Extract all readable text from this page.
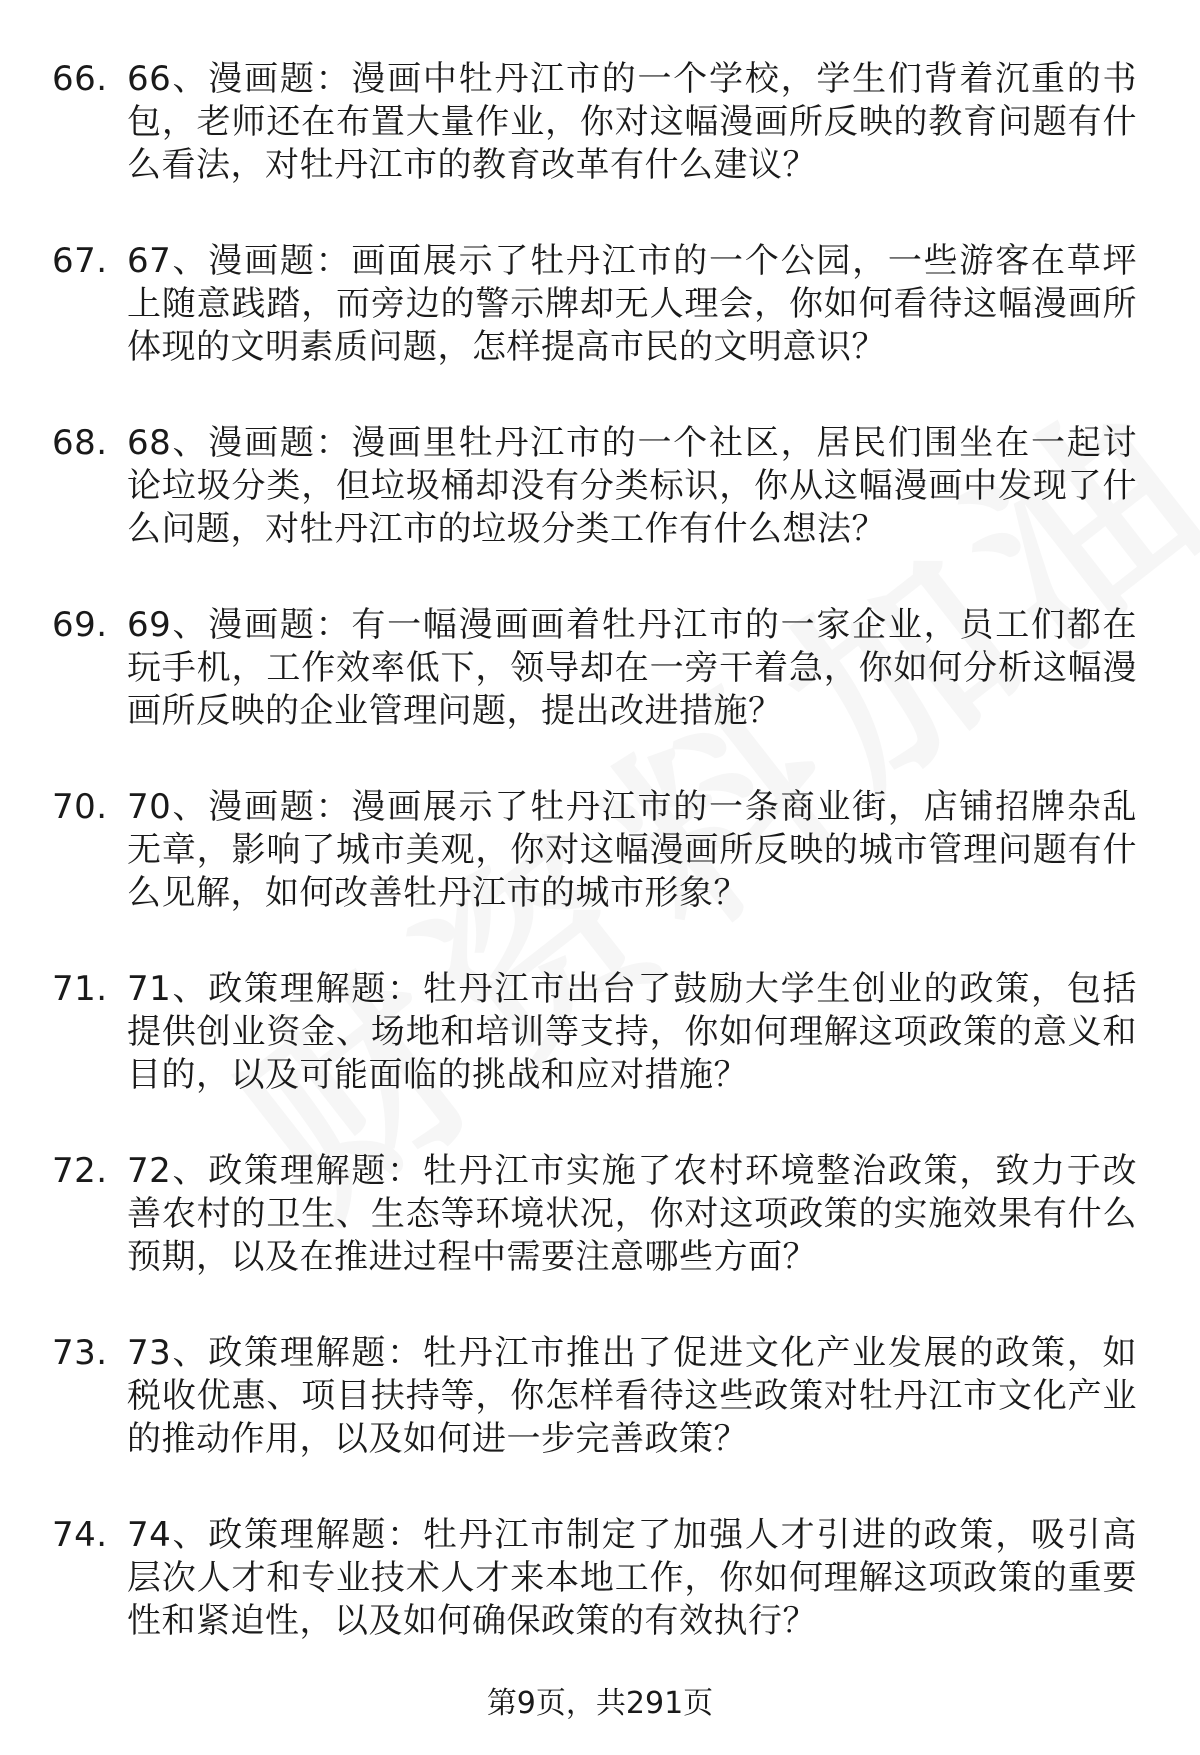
66. 66、漫画题：漫画中牡丹江市的一个学校，学生们背着沉重的书包，老师还在布置大量作业，你对这幅漫画所反映的教育问题有什么看法，对牡丹江市的教育改革有什么建议？
67. 67、漫画题：画面展示了牡丹江市的一个公园，一些游客在草坪上随意践踏，而旁边的警示牌却无人理会，你如何看待这幅漫画所体现的文明素质问题，怎样提高市民的文明意识？
68. 68、漫画题：漫画里牡丹江市的一个社区，居民们围坐在一起讨论垃圾分类，但垃圾桶却没有分类标识，你从这幅漫画中发现了什么问题，对牡丹江市的垃圾分类工作有什么想法？
69. 69、漫画题：有一幅漫画画着牡丹江市的一家企业，员工们都在玩手机，工作效率低下，领导却在一旁干着急，你如何分析这幅漫画所反映的企业管理问题，提出改进措施？
70. 70、漫画题：漫画展示了牡丹江市的一条商业街，店铺招牌杂乱无章，影响了城市美观，你对这幅漫画所反映的城市管理问题有什么见解，如何改善牡丹江市的城市形象？
71. 71、政策理解题：牡丹江市出台了鼓励大学生创业的政策，包括提供创业资金、场地和培训等支持，你如何理解这项政策的意义和目的，以及可能面临的挑战和应对措施？
72. 72、政策理解题：牡丹江市实施了农村环境整治政策，致力于改善农村的卫生、生态等环境状况，你对这项政策的实施效果有什么预期，以及在推进过程中需要注意哪些方面？
73. 73、政策理解题：牡丹江市推出了促进文化产业发展的政策，如税收优惠、项目扶持等，你怎样看待这些政策对牡丹江市文化产业的推动作用，以及如何进一步完善政策？
74. 74、政策理解题：牡丹江市制定了加强人才引进的政策，吸引高层次人才和专业技术人才来本地工作，你如何理解这项政策的重要性和紧迫性，以及如何确保政策的有效执行？
第9页，共291页
